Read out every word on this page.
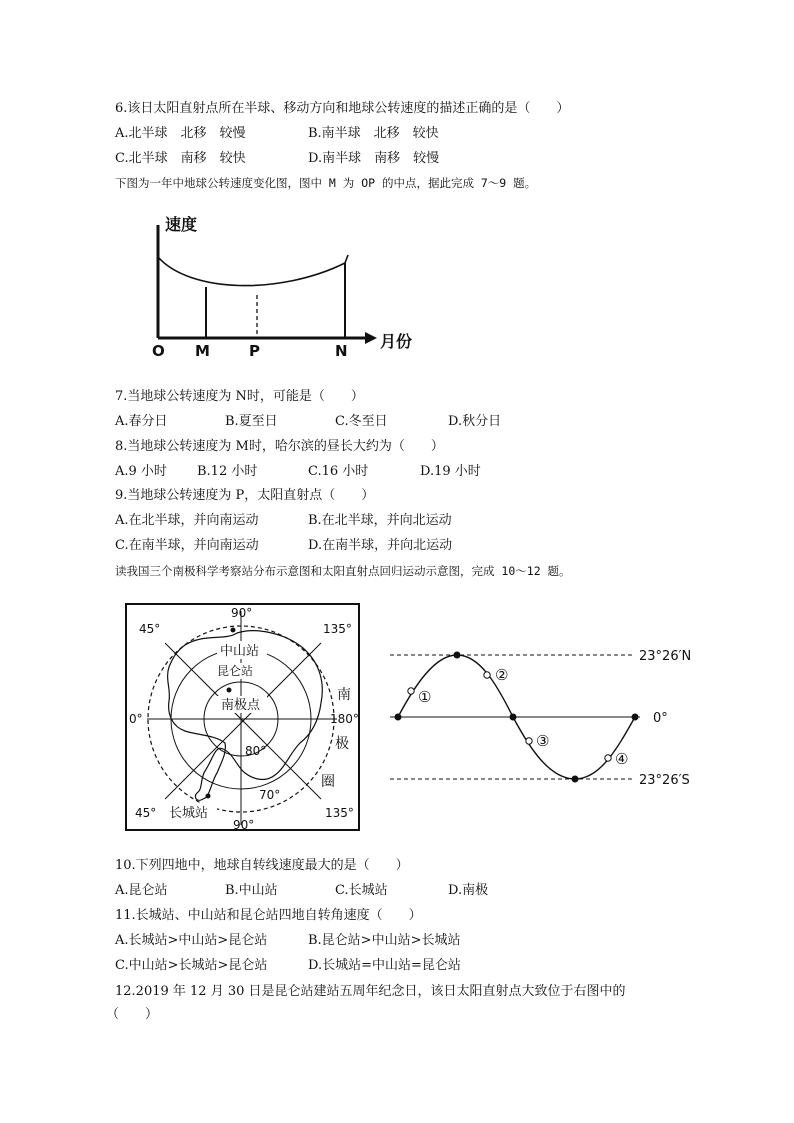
6.该日太阳直射点所在半球、移动方向和地球公转速度的描述正确的是（　　）
A.北半球　北移　较慢	B.南半球　北移　较快
C.北半球　南移　较快	D.南半球　南移　较慢
下图为一年中地球公转速度变化图，图中 M 为 OP 的中点，据此完成 7～9 题。
速度
月份
O M	P	N
7.当地球公转速度为 N时，可能是（　　）
A.春分日	B.夏至日	C.冬至日	D.秋分日
8.当地球公转速度为 M时，哈尔滨的昼长大约为（　　）
A.9 小时 B.12 小时	C.16 小时	D.19 小时
9.当地球公转速度为 P，太阳直射点（　　）
A.在北半球，并向南运动	B.在北半球，并向北运动
C.在南半球，并向南运动	D.在南半球，并向北运动
读我国三个南极科学考察站分布示意图和太阳直射点回归运动示意图，完成 10～12 题。
中山站
昆仑站
长城站
南极点
90°
45°	135°
0°	180°
45°	135°
90°
80°
70°
南
极
圈
①
②
③
④
23°26′N
0°
23°26′S
10.下列四地中，地球自转线速度最大的是（　　）
A.昆仑站	B.中山站	C.长城站	D.南极
11.长城站、中山站和昆仑站四地自转角速度（　　）
A.长城站>中山站>昆仑站	B.昆仑站>中山站>长城站
C.中山站>长城站>昆仑站	D.长城站=中山站=昆仑站
12.2019 年 12 月 30 日是昆仑站建站五周年纪念日，该日太阳直射点大致位于右图中的
（　　）
